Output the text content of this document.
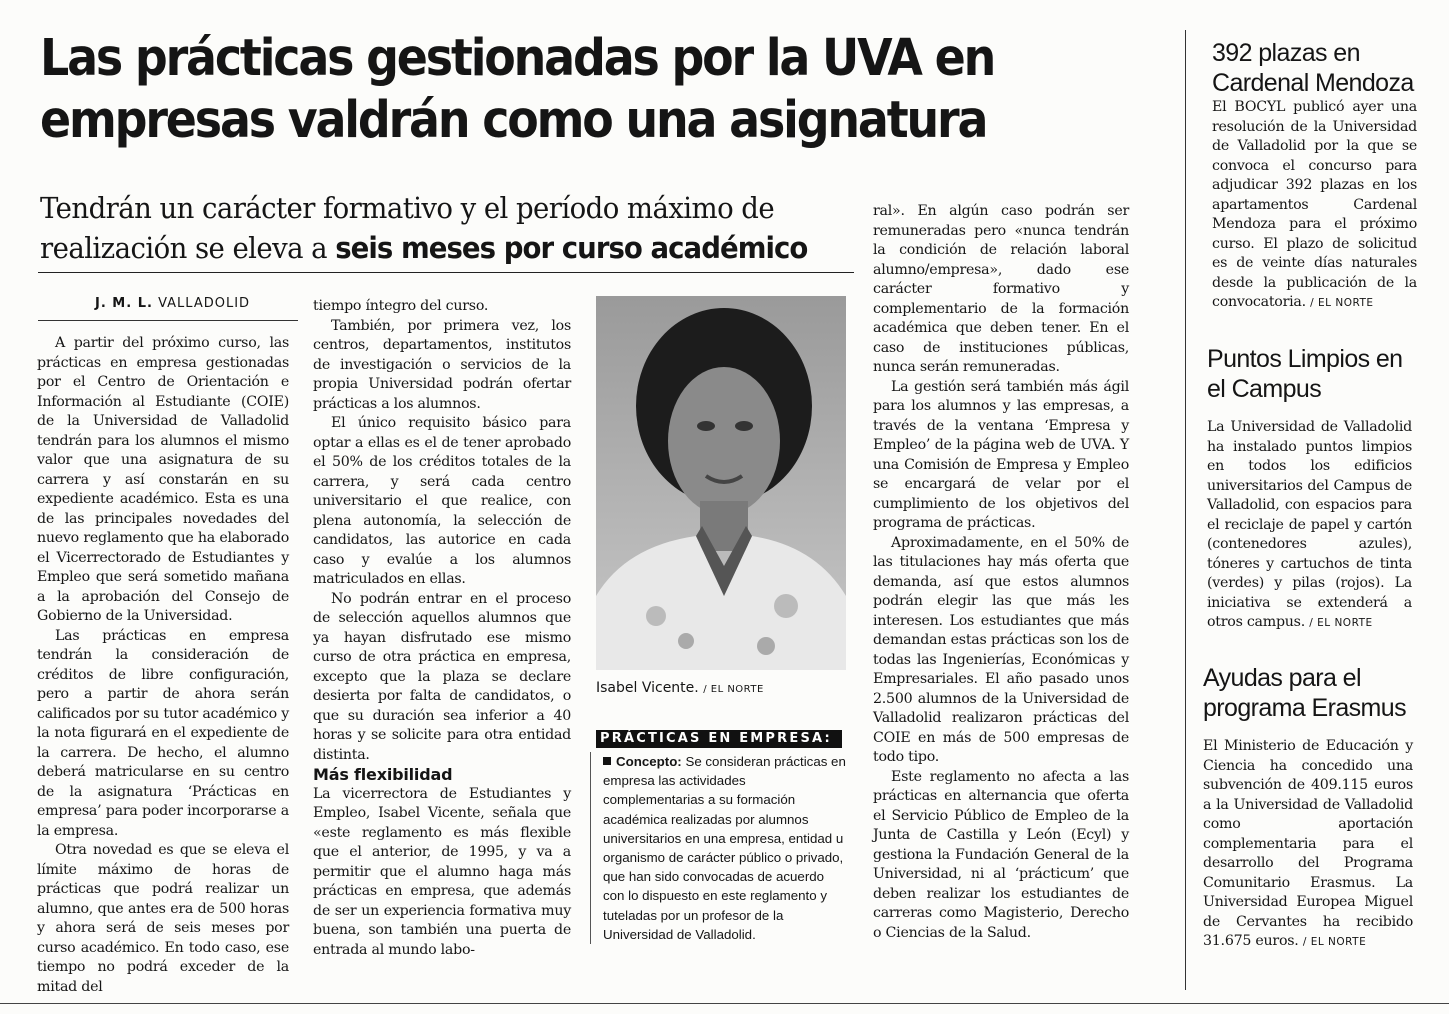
Las prácticas gestionadas por la UVA en
empresas valdrán como una asignatura
Tendrán un carácter formativo y el período máximo de
realización se eleva a seis meses por curso académico
J. M. L. VALLADOLID

A partir del próximo curso, las prácticas en empresa gestionadas por el Centro de Orientación e Información al Estudiante (COIE) de la Universidad de Valladolid tendrán para los alumnos el mismo valor que una asignatura de su carrera y así constarán en su expediente académico. Esta es una de las principales novedades del nuevo reglamento que ha elaborado el Vicerrectorado de Estudiantes y Empleo que será sometido mañana a la aprobación del Consejo de Gobierno de la Universidad.

Las prácticas en empresa tendrán la consideración de créditos de libre configuración, pero a partir de ahora serán calificados por su tutor académico y la nota figurará en el expediente de la carrera. De hecho, el alumno deberá matricularse en su centro de la asignatura ‘Prácticas en empresa’ para poder incorporarse a la empresa.

Otra novedad es que se eleva el límite máximo de horas de prácticas que podrá realizar un alumno, que antes era de 500 horas y ahora será de seis meses por curso académico. En todo caso, ese tiempo no podrá exceder de la mitad del

tiempo íntegro del curso.

También, por primera vez, los centros, departamentos, institutos de investigación o servicios de la propia Universidad podrán ofertar prácticas a los alumnos.

El único requisito básico para optar a ellas es el de tener aprobado el 50% de los créditos totales de la carrera, y será cada centro universitario el que realice, con plena autonomía, la selección de candidatos, las autorice en cada caso y evalúe a los alumnos matriculados en ellas.

No podrán entrar en el proceso de selección aquellos alumnos que ya hayan disfrutado ese mismo curso de otra práctica en empresa, excepto que la plaza se declare desierta por falta de candidatos, o que su duración sea inferior a 40 horas y se solicite para otra entidad distinta.

Más flexibilidad

La vicerrectora de Estudiantes y Empleo, Isabel Vicente, señala que «este reglamento es más flexible que el anterior, de 1995, y va a permitir que el alumno haga más prácticas en empresa, que además de ser un experiencia formativa muy buena, son también una puerta de entrada al mundo labo-

Isabel Vicente. / EL NORTE
PRÁCTICAS EN EMPRESA:
Concepto: Se consideran prácticas en empresa las actividades complementarias a su formación académica realizadas por alumnos universitarios en una empresa, entidad u organismo de carácter público o privado, que han sido convocadas de acuerdo con lo dispuesto en este reglamento y tuteladas por un profesor de la Universidad de Valladolid.

ral». En algún caso podrán ser remuneradas pero «nunca tendrán la condición de relación laboral alumno/empresa», dado ese carácter formativo y complementario de la formación académica que deben tener. En el caso de instituciones públicas, nunca serán remuneradas.

La gestión será también más ágil para los alumnos y las empresas, a través de la ventana ‘Empresa y Empleo’ de la página web de UVA. Y una Comisión de Empresa y Empleo se encargará de velar por el cumplimiento de los objetivos del programa de prácticas.

Aproximadamente, en el 50% de las titulaciones hay más oferta que demanda, así que estos alumnos podrán elegir las que más les interesen. Los estudiantes que más demandan estas prácticas son los de todas las Ingenierías, Económicas y Empresariales. El año pasado unos 2.500 alumnos de la Universidad de Valladolid realizaron prácticas del COIE en más de 500 empresas de todo tipo.

Este reglamento no afecta a las prácticas en alternancia que oferta el Servicio Público de Empleo de la Junta de Castilla y León (Ecyl) y gestiona la Fundación General de la Universidad, ni al ‘prácticum’ que deben realizar los estudiantes de carreras como Magisterio, Derecho o Ciencias de la Salud.

392 plazas en
Cardenal Mendoza
El BOCYL publicó ayer una resolución de la Universidad de Valladolid por la que se convoca el concurso para adjudicar 392 plazas en los apartamentos Cardenal Mendoza para el próximo curso. El plazo de solicitud es de veinte días naturales desde la publicación de la convocatoria. / EL NORTE
Puntos Limpios en
el Campus
La Universidad de Valladolid ha instalado puntos limpios en todos los edificios universitarios del Campus de Valladolid, con espacios para el reciclaje de papel y cartón (contenedores azules), tóneres y cartuchos de tinta (verdes) y pilas (rojos). La iniciativa se extenderá a otros campus. / EL NORTE
Ayudas para el
programa Erasmus
El Ministerio de Educación y Ciencia ha concedido una subvención de 409.115 euros a la Universidad de Valladolid como aportación complementaria para el desarrollo del Programa Comunitario Erasmus. La Universidad Europea Miguel de Cervantes ha recibido 31.675 euros. / EL NORTE
